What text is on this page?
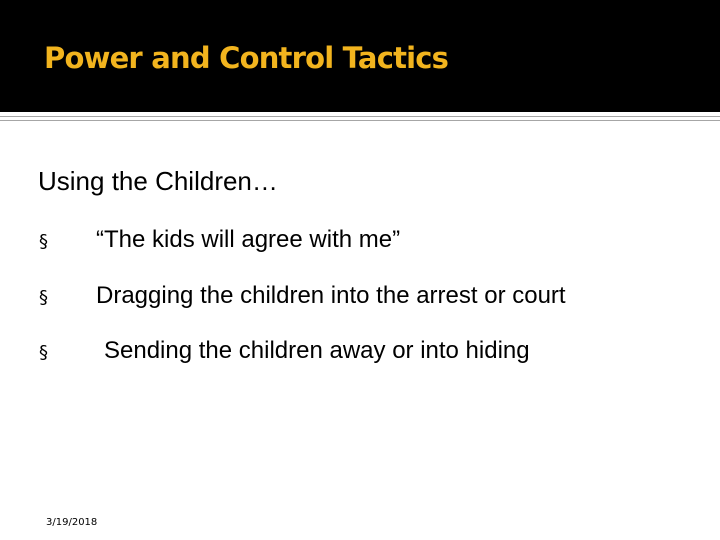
Power and Control Tactics

Using the Children…

§ “The kids will agree with me”
§ Dragging the children into the arrest or court
§ Sending the children away or into hiding
3/19/2018
